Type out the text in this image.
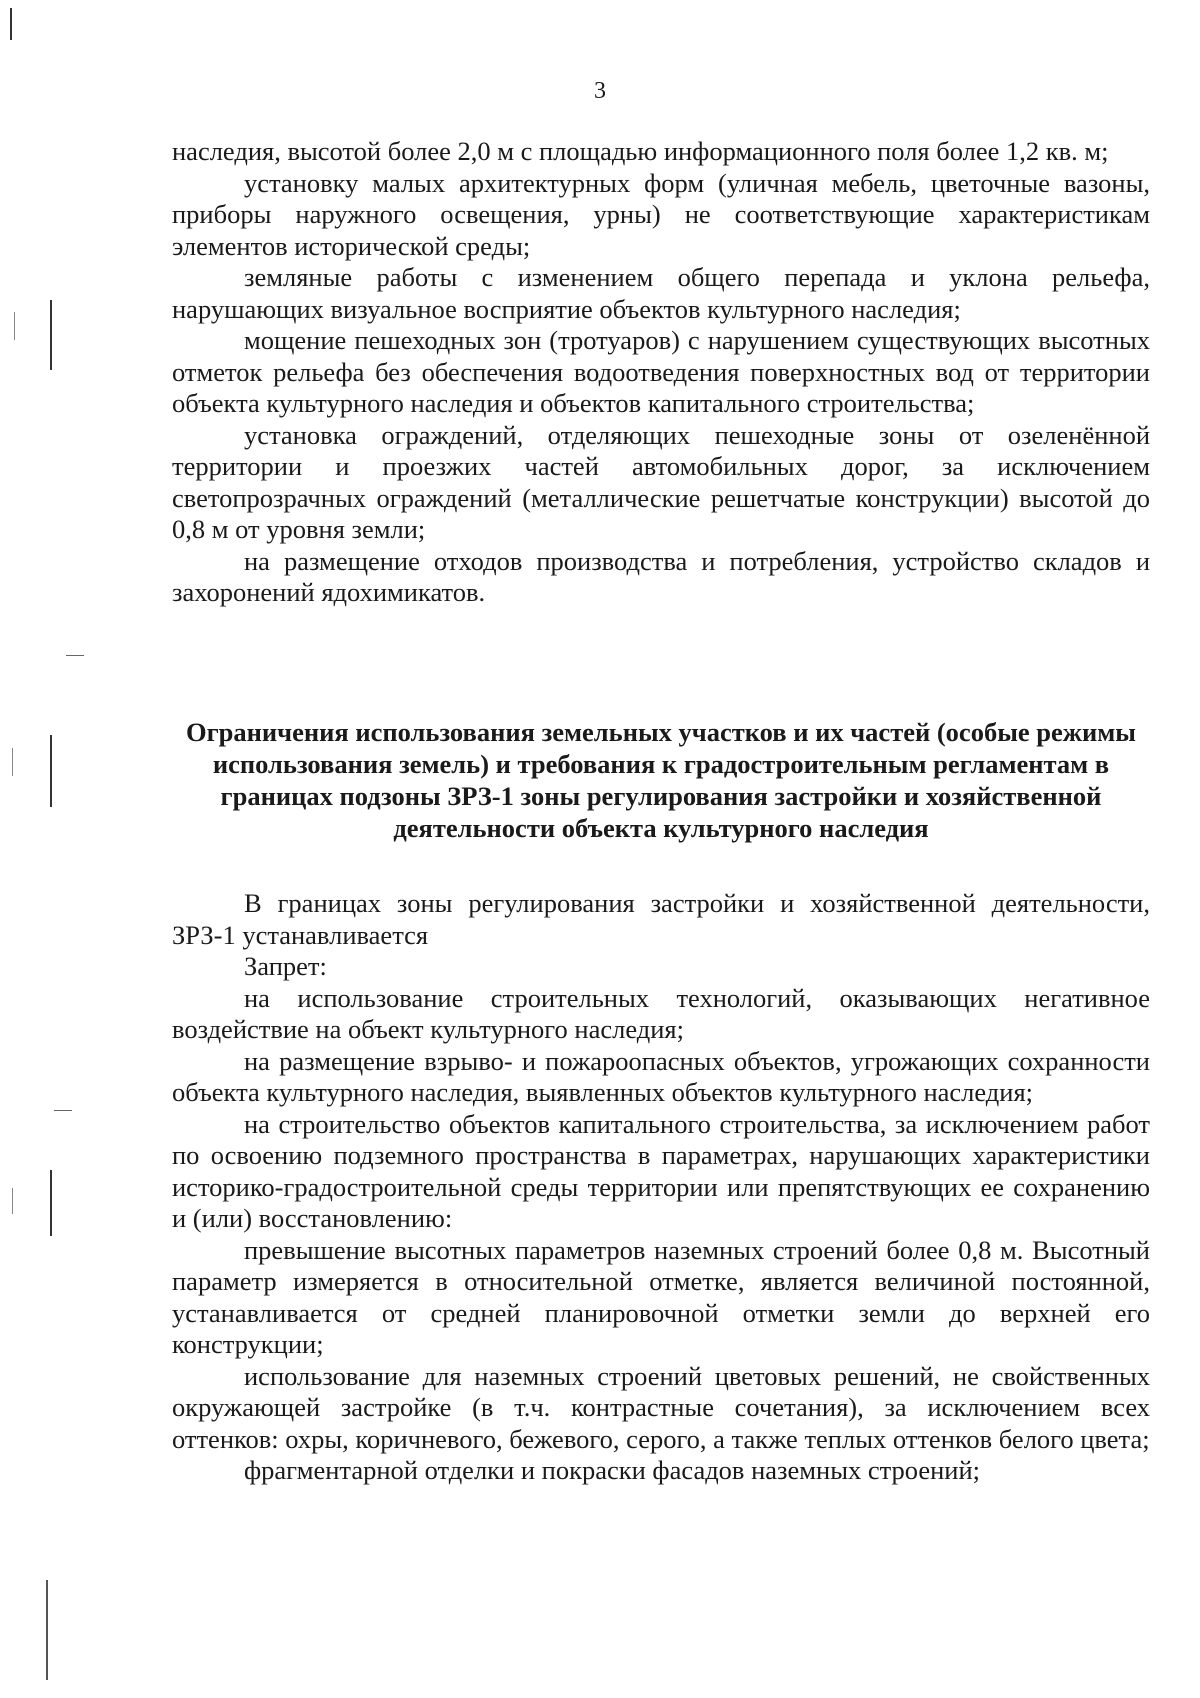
3

наследия, высотой более 2,0 м с площадью информационного поля более 1,2 кв. м;

установку малых архитектурных форм (уличная мебель, цветочные вазоны, приборы наружного освещения, урны) не соответствующие характеристикам элементов исторической среды;

земляные работы с изменением общего перепада и уклона рельефа, нарушающих визуальное восприятие объектов культурного наследия;

мощение пешеходных зон (тротуаров) с нарушением существующих высотных отметок рельефа без обеспечения водоотведения поверхностных вод от территории объекта культурного наследия и объектов капитального строительства;

установка ограждений, отделяющих пешеходные зоны от озеленённой территории и проезжих частей автомобильных дорог, за исключением светопрозрачных ограждений (металлические решетчатые конструкции) высотой до 0,8 м от уровня земли;

на размещение отходов производства и потребления, устройство складов и захоронений ядохимикатов.

Ограничения использования земельных участков и их частей (особые режимы использования земель) и требования к градостроительным регламентам в границах подзоны ЗРЗ-1 зоны регулирования застройки и хозяйственной деятельности объекта культурного наследия

В границах зоны регулирования застройки и хозяйственной деятельности, ЗРЗ-1 устанавливается

Запрет:

на использование строительных технологий, оказывающих негативное воздействие на объект культурного наследия;

на размещение взрыво- и пожароопасных объектов, угрожающих сохранности объекта культурного наследия, выявленных объектов культурного наследия;

на строительство объектов капитального строительства, за исключением работ по освоению подземного пространства в параметрах, нарушающих характеристики историко-градостроительной среды территории или препятствующих ее сохранению и (или) восстановлению:

превышение высотных параметров наземных строений более 0,8 м. Высотный параметр измеряется в относительной отметке, является величиной постоянной, устанавливается от средней планировочной отметки земли до верхней его конструкции;

использование для наземных строений цветовых решений, не свойственных окружающей застройке (в т.ч. контрастные сочетания), за исключением всех оттенков: охры, коричневого, бежевого, серого, а также теплых оттенков белого цвета;

фрагментарной отделки и покраски фасадов наземных строений;
